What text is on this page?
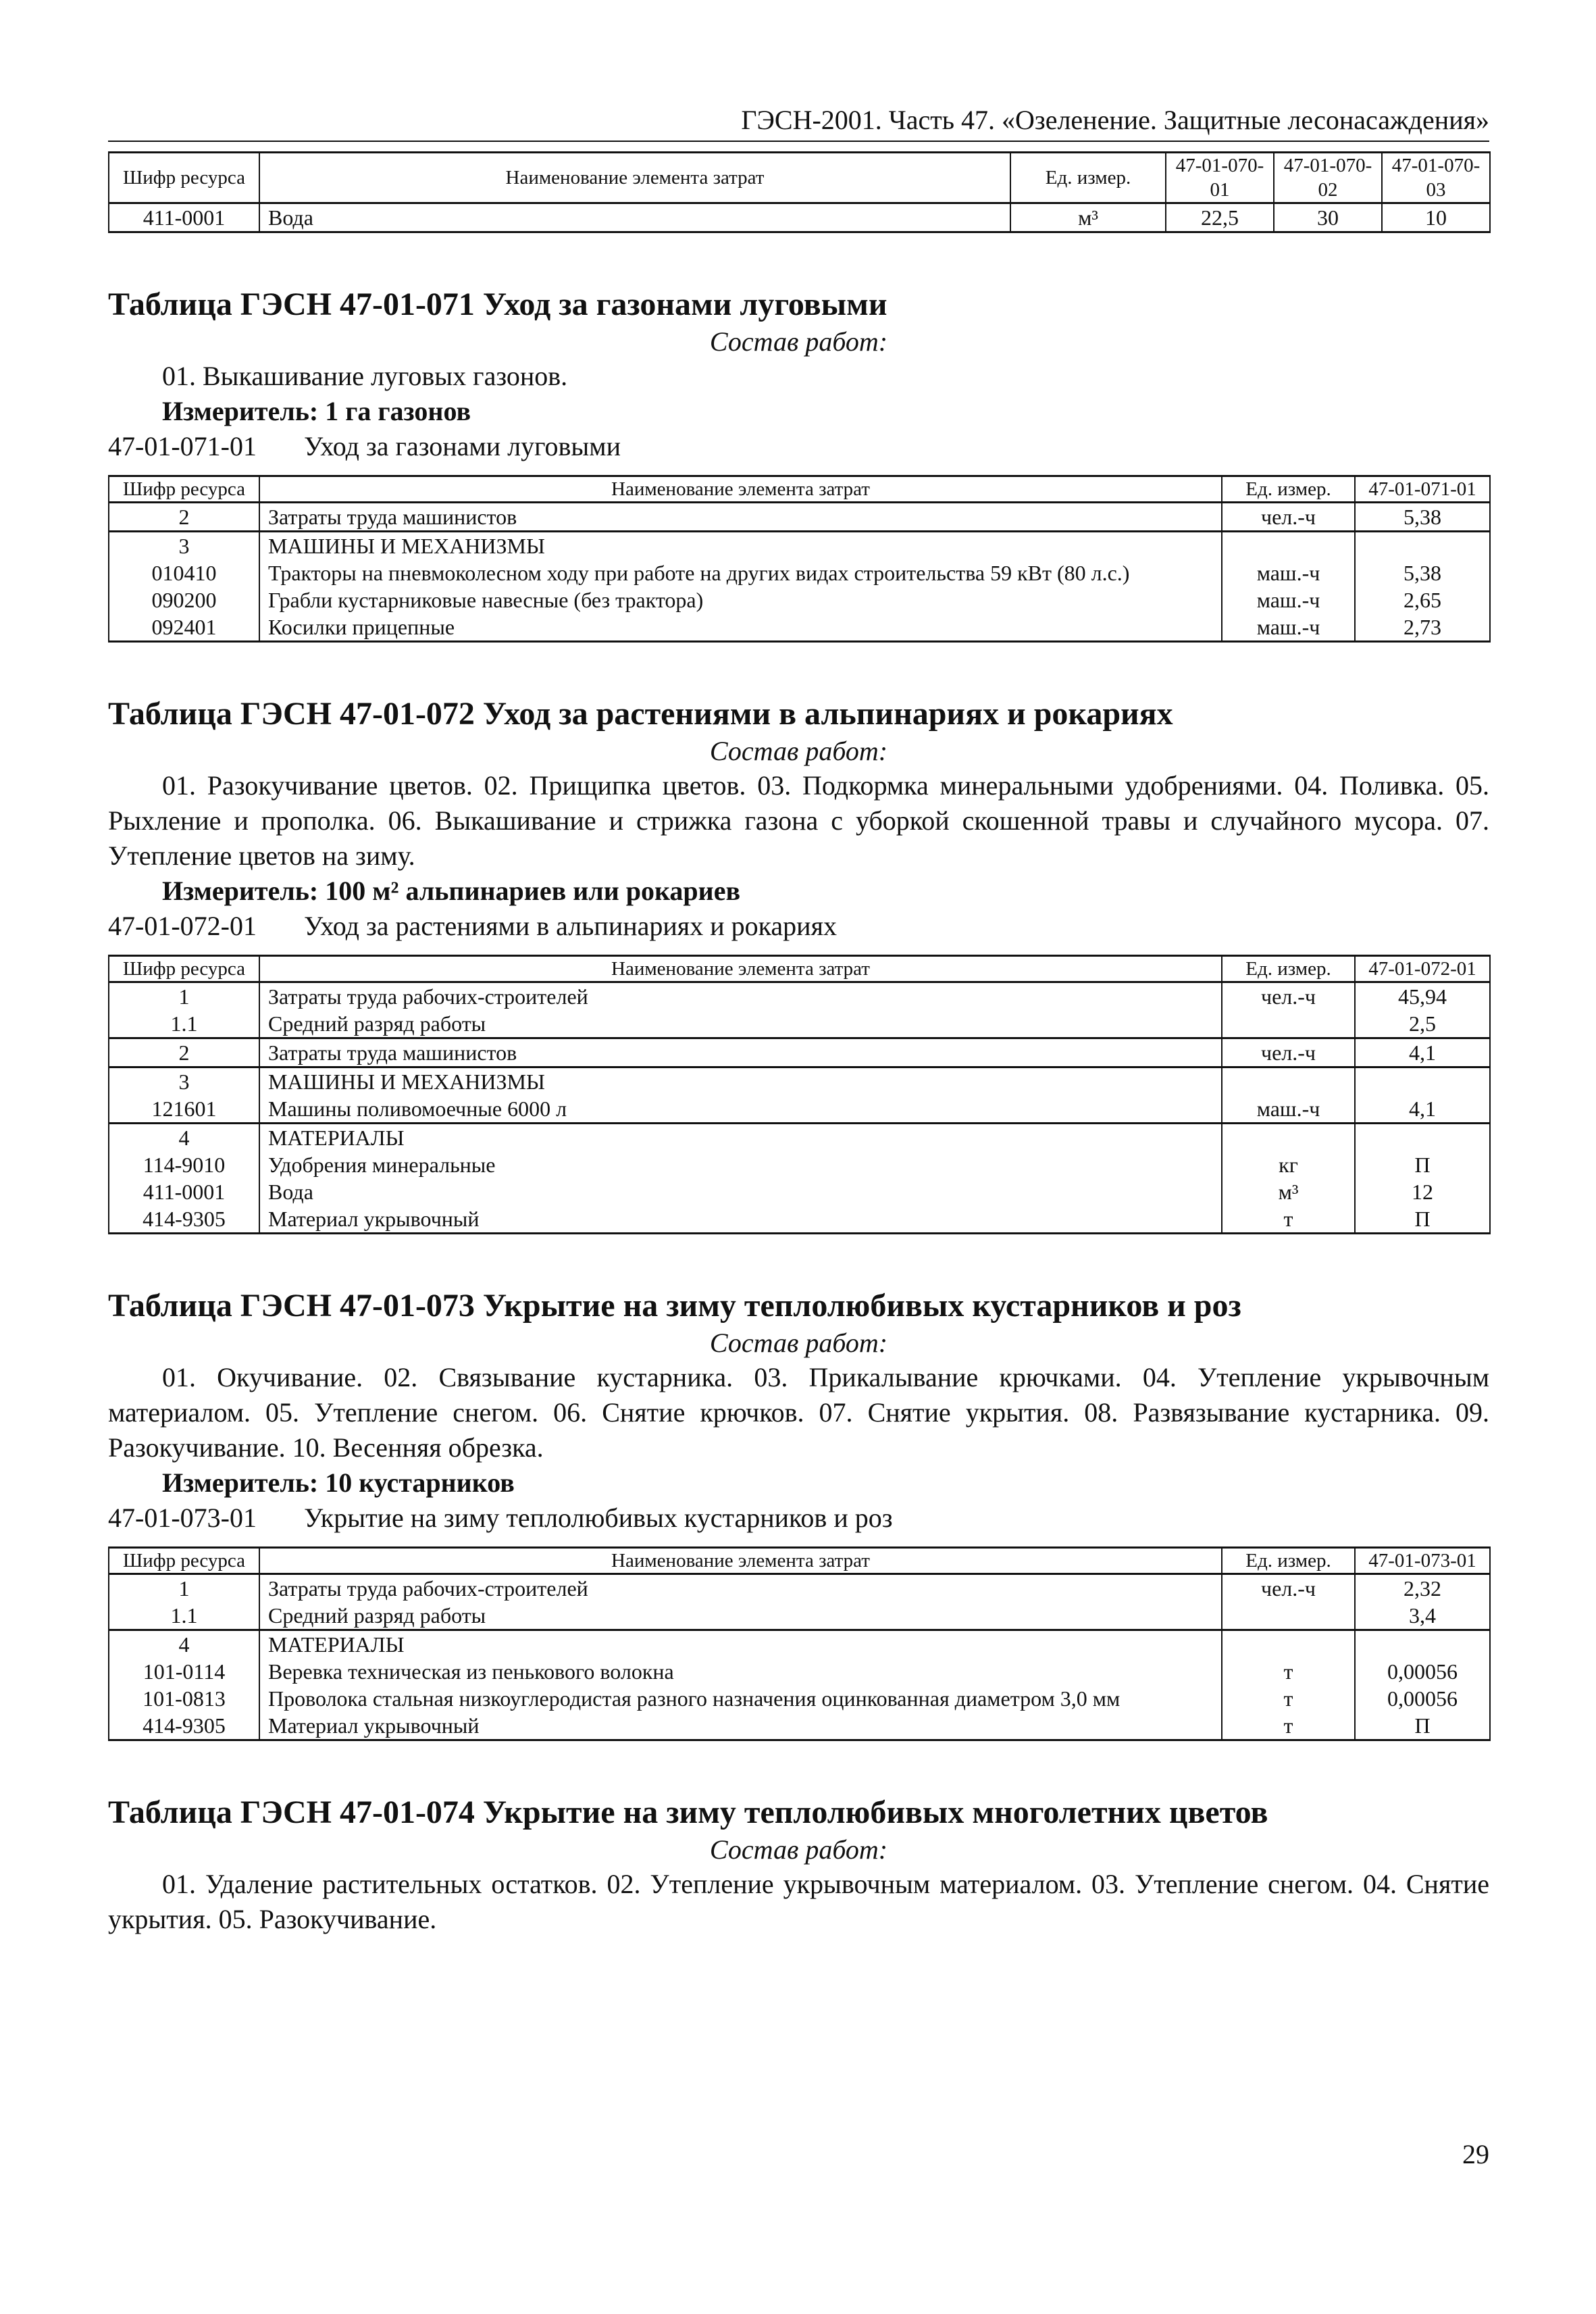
ГЭСН-2001. Часть 47. «Озеленение. Защитные лесонасаждения»
Шифр ресурса	Наименование элемента затрат	Ед. измер.	47-01-070-01	47-01-070-02	47-01-070-03
411-0001	Вода	м³	22,5	30	10
Таблица ГЭСН 47-01-071 Уход за газонами луговыми
Состав работ:
01. Выкашивание луговых газонов.
Измеритель: 1 га газонов
47-01-071-01 Уход за газонами луговыми
Шифр ресурса	Наименование элемента затрат	Ед. измер.	47-01-071-01
2	Затраты труда машинистов	чел.-ч	5,38
3	МАШИНЫ И МЕХАНИЗМЫ		
010410	Тракторы на пневмоколесном ходу при работе на других видах строительства 59 кВт (80 л.с.)	маш.-ч	5,38
090200	Грабли кустарниковые навесные (без трактора)	маш.-ч	2,65
092401	Косилки прицепные	маш.-ч	2,73
Таблица ГЭСН 47-01-072 Уход за растениями в альпинариях и рокариях
Состав работ:
01. Разокучивание цветов. 02. Прищипка цветов. 03. Подкормка минеральными удобрениями. 04. Поливка. 05. Рыхление и прополка. 06. Выкашивание и стрижка газона с уборкой скошенной травы и случайного мусора. 07. Утепление цветов на зиму.
Измеритель: 100 м² альпинариев или рокариев
47-01-072-01 Уход за растениями в альпинариях и рокариях
Шифр ресурса	Наименование элемента затрат	Ед. измер.	47-01-072-01
1	Затраты труда рабочих-строителей	чел.-ч	45,94
1.1	Средний разряд работы		2,5
2	Затраты труда машинистов	чел.-ч	4,1
3	МАШИНЫ И МЕХАНИЗМЫ		
121601	Машины поливомоечные 6000 л	маш.-ч	4,1
4	МАТЕРИАЛЫ		
114-9010	Удобрения минеральные	кг	П
411-0001	Вода	м³	12
414-9305	Материал укрывочный	т	П
Таблица ГЭСН 47-01-073 Укрытие на зиму теплолюбивых кустарников и роз
Состав работ:
01. Окучивание. 02. Связывание кустарника. 03. Прикалывание крючками. 04. Утепление укрывочным материалом. 05. Утепление снегом. 06. Снятие крючков. 07. Снятие укрытия. 08. Развязывание кустарника. 09. Разокучивание. 10. Весенняя обрезка.
Измеритель: 10 кустарников
47-01-073-01 Укрытие на зиму теплолюбивых кустарников и роз
Шифр ресурса	Наименование элемента затрат	Ед. измер.	47-01-073-01
1	Затраты труда рабочих-строителей	чел.-ч	2,32
1.1	Средний разряд работы		3,4
4	МАТЕРИАЛЫ		
101-0114	Веревка техническая из пенькового волокна	т	0,00056
101-0813	Проволока стальная низкоуглеродистая разного назначения оцинкованная диаметром 3,0 мм	т	0,00056
414-9305	Материал укрывочный	т	П
Таблица ГЭСН 47-01-074 Укрытие на зиму теплолюбивых многолетних цветов
Состав работ:
01. Удаление растительных остатков. 02. Утепление укрывочным материалом. 03. Утепление снегом. 04. Снятие укрытия. 05. Разокучивание.
29
